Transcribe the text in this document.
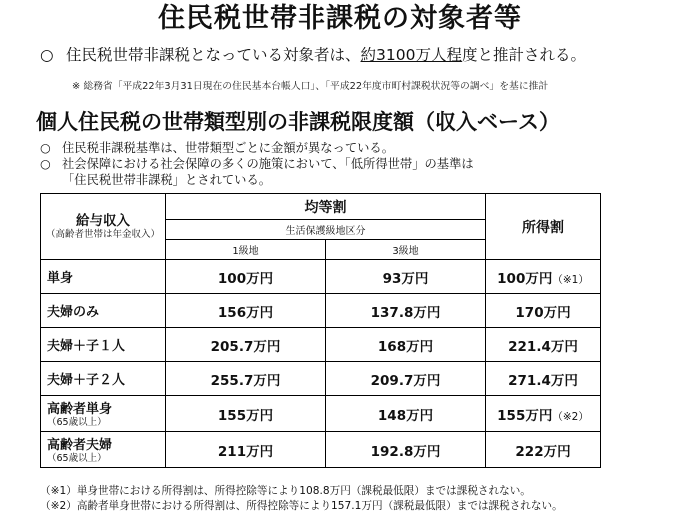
住民税世帯非課税の対象者等
○ 住民税世帯非課税となっている対象者は、約3100万人程度と推計される。
※ 総務省「平成22年3月31日現在の住民基本台帳人口」、「平成22年度市町村課税状況等の調べ」を基に推計
個人住民税の世帯類型別の非課税限度額（収入ベース）
○ 住民税非課税基準は、世帯類型ごとに金額が異なっている。
○ 社会保障における社会保障の多くの施策において、「低所得世帯」の基準は
「住民税世帯非課税」とされている。
給与収入
（高齢者世帯は年金収入）	均等割		所得割
	生活保護級地区分		
	1級地	3級地	
単身	100万円	93万円	100万円（※1）
夫婦のみ	156万円	137.8万円	170万円
夫婦＋子１人	205.7万円	168万円	221.4万円
夫婦＋子２人	255.7万円	209.7万円	271.4万円
高齢者単身
（65歳以上）	155万円	148万円	155万円（※2）
高齢者夫婦
（65歳以上）	211万円	192.8万円	222万円
（※1）単身世帯における所得割は、所得控除等により108.8万円（課税最低限）までは課税されない。
（※2）高齢者単身世帯における所得割は、所得控除等により157.1万円（課税最低限）までは課税されない。
